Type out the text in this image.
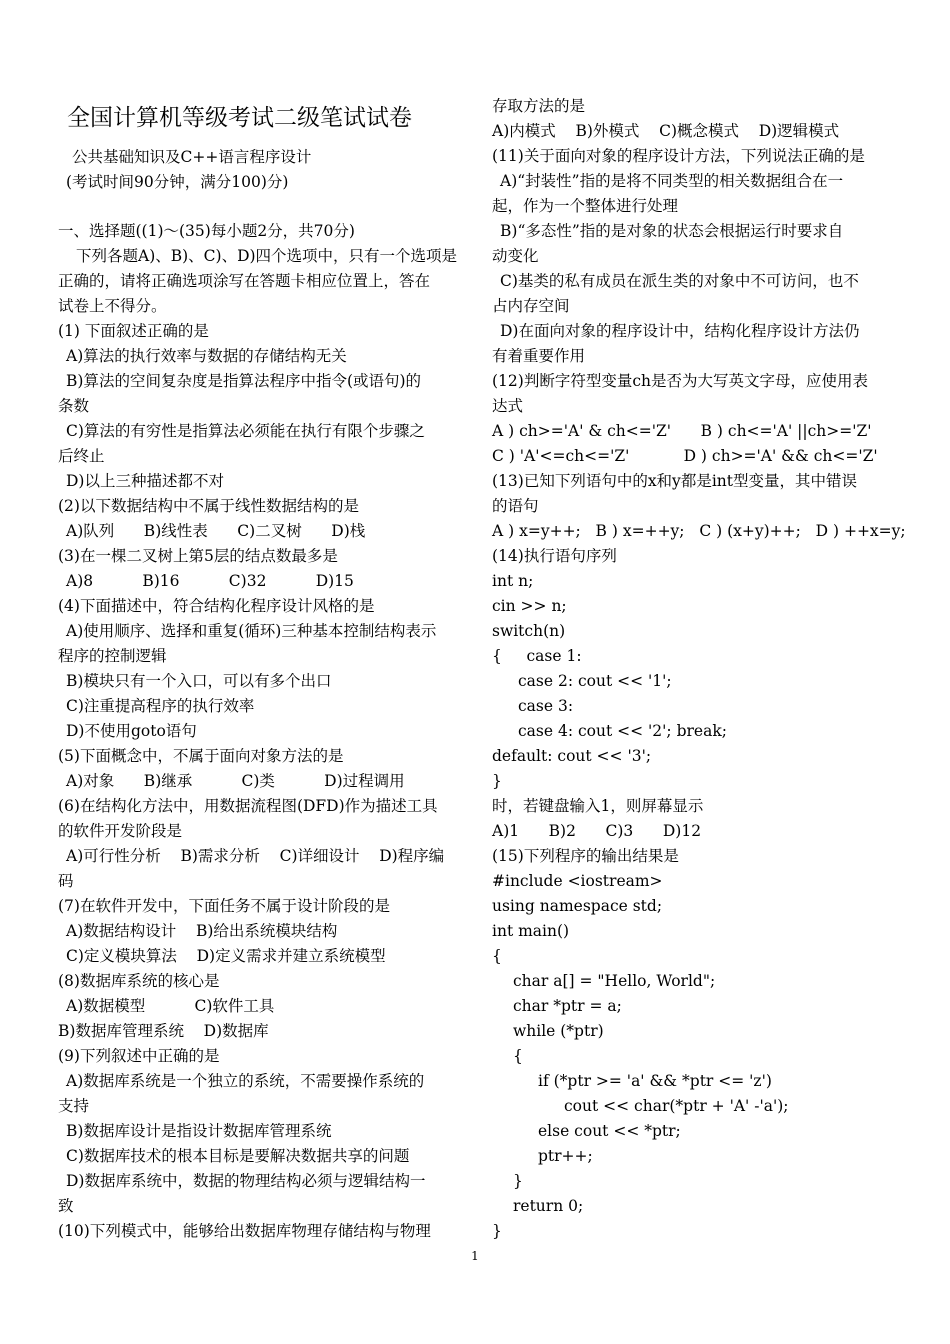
全国计算机等级考试二级笔试试卷
公共基础知识及C++语言程序设计
(考试时间90分钟，满分100)分)
一、选择题((1)～(35)每小题2分，共70分)
下列各题A)、B)、C)、D)四个选项中，只有一个选项是
正确的，请将正确选项涂写在答题卡相应位置上，答在
试卷上不得分。
(1) 下面叙述正确的是
A)算法的执行效率与数据的存储结构无关
B)算法的空间复杂度是指算法程序中指令(或语句)的
条数
C)算法的有穷性是指算法必须能在执行有限个步骤之
后终止
D)以上三种描述都不对
(2)以下数据结构中不属于线性数据结构的是
A)队列      B)线性表      C)二叉树      D)栈
(3)在一棵二叉树上第5层的结点数最多是
A)8          B)16          C)32          D)15
(4)下面描述中，符合结构化程序设计风格的是
A)使用顺序、选择和重复(循环)三种基本控制结构表示
程序的控制逻辑
B)模块只有一个入口，可以有多个出口
C)注重提高程序的执行效率
D)不使用goto语句
(5)下面概念中，不属于面向对象方法的是
A)对象      B)继承          C)类          D)过程调用
(6)在结构化方法中，用数据流程图(DFD)作为描述工具
的软件开发阶段是
A)可行性分析    B)需求分析    C)详细设计    D)程序编
码
(7)在软件开发中，下面任务不属于设计阶段的是
A)数据结构设计    B)给出系统模块结构
C)定义模块算法    D)定义需求并建立系统模型
(8)数据库系统的核心是
A)数据模型          C)软件工具
B)数据库管理系统    D)数据库
(9)下列叙述中正确的是
A)数据库系统是一个独立的系统，不需要操作系统的
支持
B)数据库设计是指设计数据库管理系统
C)数据库技术的根本目标是要解决数据共享的问题
D)数据库系统中，数据的物理结构必须与逻辑结构一
致
(10)下列模式中，能够给出数据库物理存储结构与物理
存取方法的是
A)内模式    B)外模式    C)概念模式    D)逻辑模式
(11)关于面向对象的程序设计方法，下列说法正确的是
A)“封装性”指的是将不同类型的相关数据组合在一
起，作为一个整体进行处理
B)“多态性”指的是对象的状态会根据运行时要求自
动变化
C)基类的私有成员在派生类的对象中不可访问，也不
占内存空间
D)在面向对象的程序设计中，结构化程序设计方法仍
有着重要作用
(12)判断字符型变量ch是否为大写英文字母，应使用表
达式
A ) ch>='A' & ch<='Z'      B ) ch<='A' ||ch>='Z'
C ) 'A'<=ch<='Z'           D ) ch>='A' && ch<='Z'
(13)已知下列语句中的x和y都是int型变量，其中错误
的语句
A ) x=y++;   B ) x=++y;   C ) (x+y)++;   D ) ++x=y;
(14)执行语句序列
int n;
cin >> n;
switch(n)
{     case 1:
case 2: cout << '1';
case 3:
case 4: cout << '2'; break;
default: cout << '3';
}
时，若键盘输入1，则屏幕显示
A)1      B)2      C)3      D)12
(15)下列程序的输出结果是
#include <iostream>
using namespace std;
int main()
{
char a[] = "Hello, World";
char *ptr = a;
while (*ptr)
{
if (*ptr >= 'a' && *ptr <= 'z')
cout << char(*ptr + 'A' -'a');
else cout << *ptr;
ptr++;
}
return 0;
}
1
